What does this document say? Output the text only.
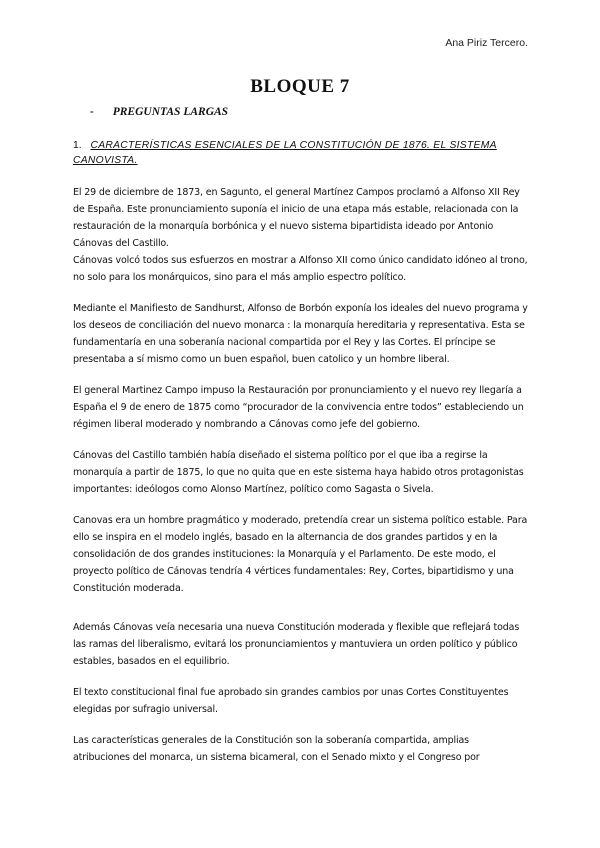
Ana Piriz Tercero.
BLOQUE 7
- PREGUNTAS LARGAS
1. CARACTERÍSTICAS ESENCIALES DE LA CONSTITUCIÓN DE 1876. EL SISTEMA CANOVISTA.

El 29 de diciembre de 1873, en Sagunto, el general Martínez Campos proclamó a Alfonso XII Rey de España. Este pronunciamiento suponía el inicio de una etapa más estable, relacionada con la restauración de la monarquía borbónica y el nuevo sistema bipartidista ideado por Antonio Cánovas del Castillo.

Cánovas volcó todos sus esfuerzos en mostrar a Alfonso XII como único candidato idóneo al trono, no solo para los monárquicos, sino para el más amplio espectro político.

Mediante el Manifiesto de Sandhurst, Alfonso de Borbón exponía los ideales del nuevo programa y los deseos de conciliación del nuevo monarca : la monarquía hereditaria y representativa. Esta se fundamentaría en una soberanía nacional compartida por el Rey y las Cortes. El príncipe se presentaba a sí mismo como un buen español, buen catolico y un hombre liberal.

El general Martinez Campo impuso la Restauración por pronunciamiento y el nuevo rey llegaría a España el 9 de enero de 1875 como “procurador de la convivencia entre todos” estableciendo un régimen liberal moderado y nombrando a Cánovas como jefe del gobierno.

Cánovas del Castillo también había diseñado el sistema político por el que iba a regirse la monarquía a partir de 1875, lo que no quita que en este sistema haya habido otros protagonistas importantes: ideólogos como Alonso Martínez, político como Sagasta o Sivela.

Canovas era un hombre pragmático y moderado, pretendía crear un sistema político estable. Para ello se inspira en el modelo inglés, basado en la alternancia de dos grandes partidos y en la consolidación de dos grandes instituciones: la Monarquía y el Parlamento. De este modo, el proyecto político de Cánovas tendría 4 vértices fundamentales: Rey, Cortes, bipartidismo y una Constitución moderada.

Además Cánovas veía necesaria una nueva Constitución moderada y flexible que reflejará todas las ramas del liberalismo, evitará los pronunciamientos y mantuviera un orden político y público estables, basados en el equilibrio.

El texto constitucional final fue aprobado sin grandes cambios por unas Cortes Constituyentes elegidas por sufragio universal.

Las características generales de la Constitución son la soberanía compartida, amplias atribuciones del monarca, un sistema bicameral, con el Senado mixto y el Congreso por
